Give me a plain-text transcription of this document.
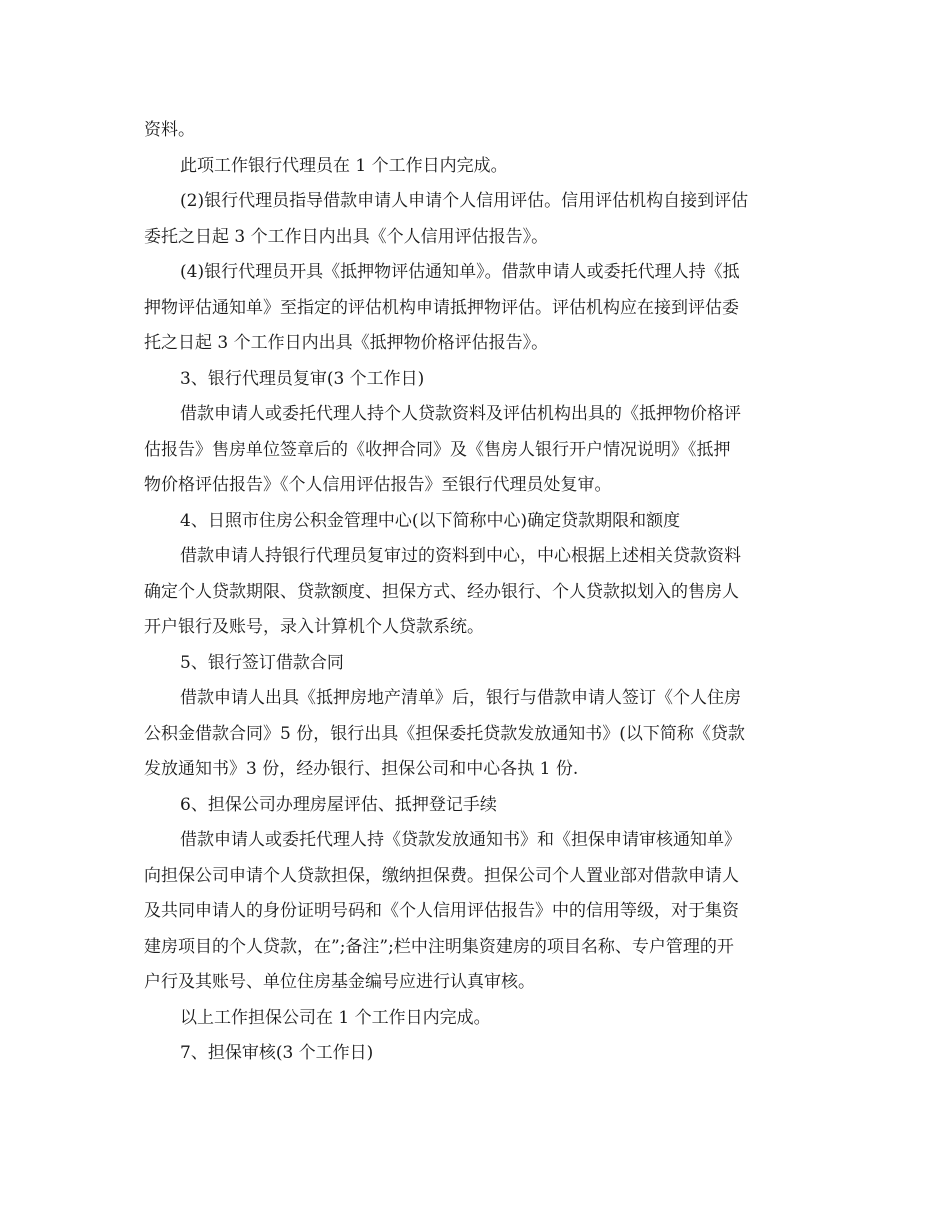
资料。
此项工作银行代理员在 1 个工作日内完成。
(2)银行代理员指导借款申请人申请个人信用评估。信用评估机构自接到评估
委托之日起 3 个工作日内出具《个人信用评估报告》。
(4)银行代理员开具《抵押物评估通知单》。借款申请人或委托代理人持《抵
押物评估通知单》至指定的评估机构申请抵押物评估。评估机构应在接到评估委
托之日起 3 个工作日内出具《抵押物价格评估报告》。
3、银行代理员复审(3 个工作日)
借款申请人或委托代理人持个人贷款资料及评估机构出具的《抵押物价格评
估报告》售房单位签章后的《收押合同》及《售房人银行开户情况说明》《抵押
物价格评估报告》《个人信用评估报告》至银行代理员处复审。
4、日照市住房公积金管理中心(以下简称中心)确定贷款期限和额度
借款申请人持银行代理员复审过的资料到中心，中心根据上述相关贷款资料
确定个人贷款期限、贷款额度、担保方式、经办银行、个人贷款拟划入的售房人
开户银行及账号，录入计算机个人贷款系统。
5、银行签订借款合同
借款申请人出具《抵押房地产清单》后，银行与借款申请人签订《个人住房
公积金借款合同》5 份，银行出具《担保委托贷款发放通知书》(以下简称《贷款
发放通知书》3 份，经办银行、担保公司和中心各执 1 份.
6、担保公司办理房屋评估、抵押登记手续
借款申请人或委托代理人持《贷款发放通知书》和《担保申请审核通知单》
向担保公司申请个人贷款担保，缴纳担保费。担保公司个人置业部对借款申请人
及共同申请人的身份证明号码和《个人信用评估报告》中的信用等级，对于集资
建房项目的个人贷款，在”;备注”;栏中注明集资建房的项目名称、专户管理的开
户行及其账号、单位住房基金编号应进行认真审核。
以上工作担保公司在 1 个工作日内完成。
7、担保审核(3 个工作日)
